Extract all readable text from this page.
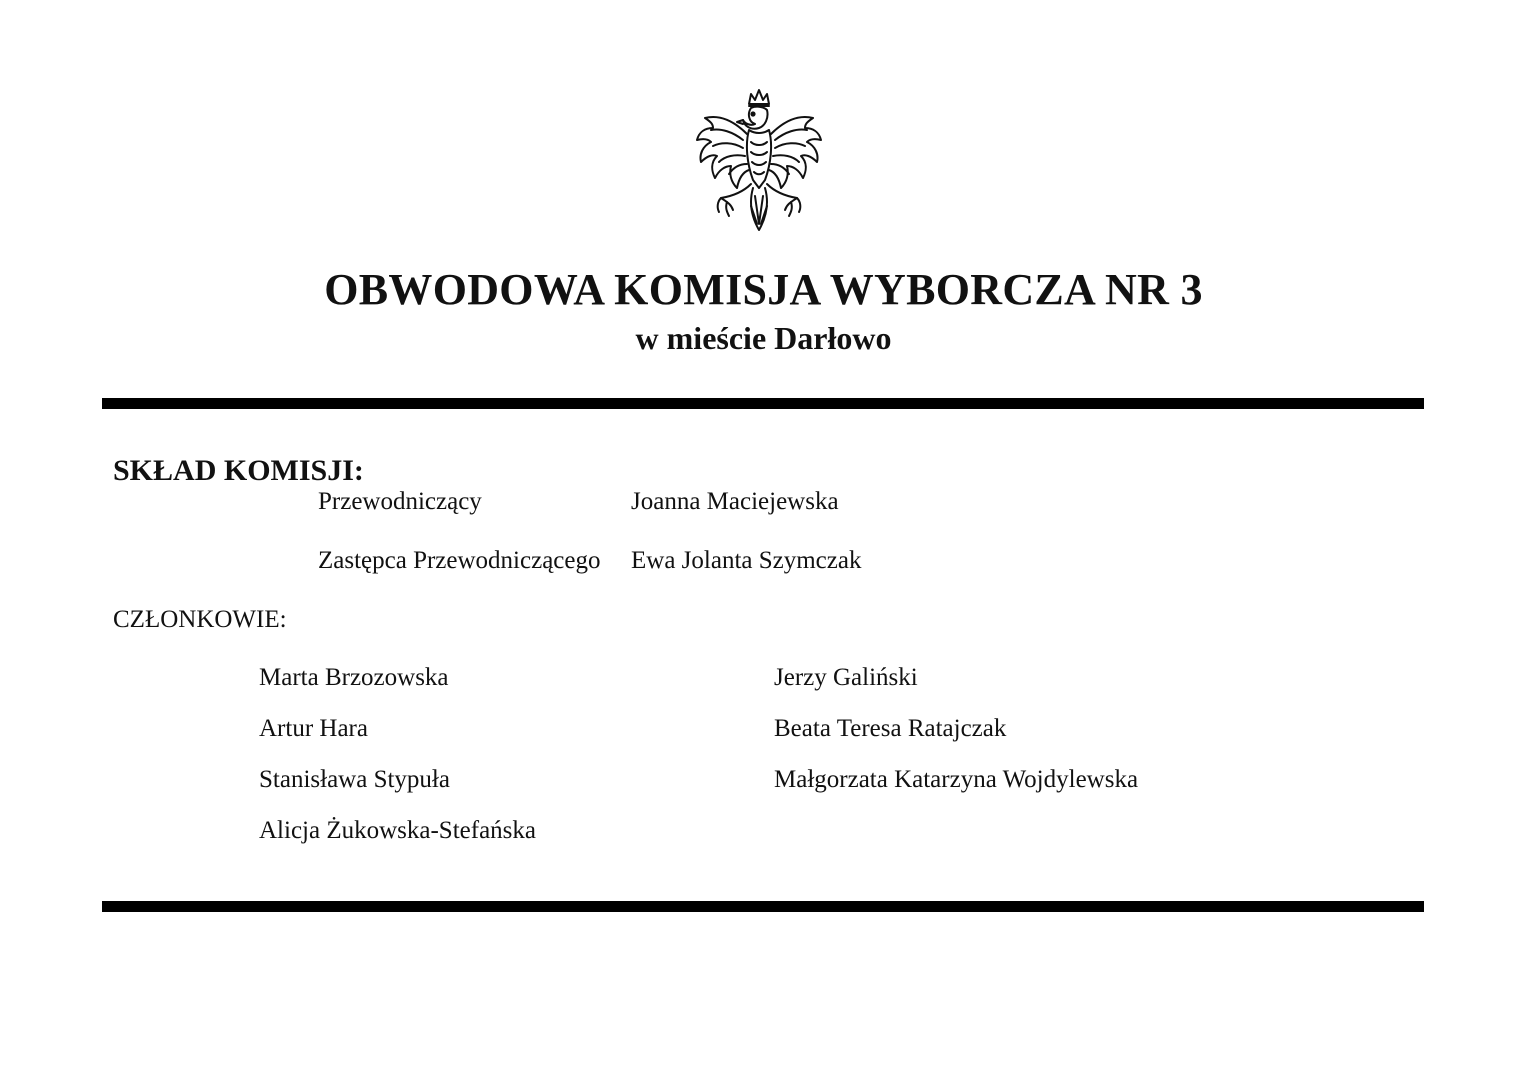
OBWODOWA KOMISJA WYBORCZA NR 3
w mieście Darłowo
SKŁAD KOMISJI:
Przewodniczący	Joanna Maciejewska
Zastępca Przewodniczącego Ewa Jolanta Szymczak
CZŁONKOWIE:
Marta Brzozowska
Artur Hara
Stanisława Stypuła
Alicja Żukowska-Stefańska
Jerzy Galiński
Beata Teresa Ratajczak
Małgorzata Katarzyna Wojdylewska
